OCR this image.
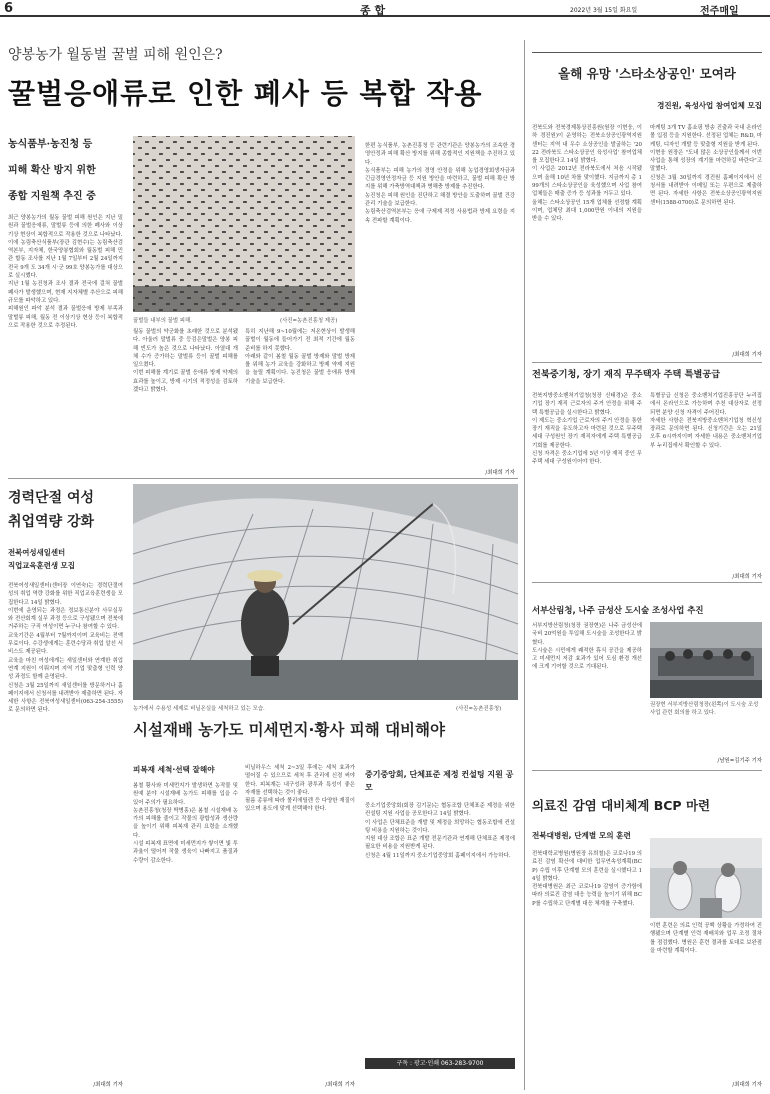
6	종 합	2022년 3월 15일 화요일	전주매일
양봉농가 월동벌 꿀벌 피해 원인은?
꿀벌응애류로 인한 폐사 등 복합 작용
농식품부·농진청 등
피해 확산 방지 위한
종합 지원책 추진 중
최근 양봉농가의 월동 꿀벌 피해 원인은 지난 밀원과 꿀벌응애류, 말벌류 등에 의한 폐사와 이상 기상 현상이 복합적으로 작용한 것으로 나타났다.
이에 농림축산식품부(장관 김현수)는 농림축산검역본부, 지자체, 한국양봉협회와 월동벌 피해 민관 합동 조사를 지난 1월 7일부터 2월 24일까지 전국 9개 도 34개 시·군 99호 양봉농가를 대상으로 실시했다.
지난 1월 농진청과 조사 결과 전국에 걸쳐 꿀벌 폐사가 발생했으며, 현재 지자체별 추산으로 피해 규모를 파악하고 있다.
피해원인 파악 분석 결과 꿀벌응애 방제 부족과 말벌류 피해, 월동 전 이상기상 현상 등이 복합적으로 작용한 것으로 추정된다.
꿀벌들 내부의 꿀벌 피해.	(사진=농촌진흥청 제공)
월동 꿀벌의 약군화를 초래한 것으로 분석됐다. 아울러 말벌류 중 등검은말벌은 양봉 피해 빈도가 높은 것으로 나타났다. 아열대 개체 수가 증가하는 말벌류 등이 꿀벌 피해를 일으켰다.
이번 피해를 계기로 꿀벌 응애류 방제 약제의 효과를 높이고, 방제 시기의 적정성을 검토하겠다고 밝혔다.
특히 지난해 9~10월에는 저온현상이 발생해 꿀벌이 월동에 들어가기 전 최적 기간에 월동 준비를 하지 못했다.
아래와 같이 봄철 월동 꿀벌 방제와 말벌 방제를 위해 농가 교육을 강화하고 방제 약제 지원을 늘릴 계획이다. 농진청은 꿀벌 응애류 방제 기술을 보급한다.
한편 농식품부, 농촌진흥청 등 관련기관은 양봉농가의 조속한 경영안정과 피해 확산 방지를 위해 종합적인 지원책을 추진하고 있다.
농식품부는 피해 농가의 경영 안정을 위해 농업경영회생자금과 긴급경영안정자금 등 지원 방안을 마련하고, 꿀벌 피해 확산 방지를 위해 가축방역대책과 병해충 방제를 추진한다.
농진청은 피해 원인을 진단하고 해결 방안을 도출하며 꿀벌 건강 관리 기술을 보급한다.
농림축산검역본부는 응애 구제제 적정 사용법과 방제 요령을 지속 전파할 계획이다.
/최대희 기자
올해 유망 '스타소상공인' 모여라
경진원, 육성사업 참여업체 모집
전북도와 전북경제통상진흥원(원장 이현웅, 이하 경진원)이 운영하는 전북소상공인광역지원센터는 지역 내 우수 소상공인을 발굴하는 '2022 전라북도 스타소상공인 육성사업' 참여업체를 모집한다고 14일 밝혔다.
이 사업은 2012년 전라북도에서 처음 시작됐으며 올해 10년 차를 맞이했다. 지금까지 총 199개의 스타소상공인을 육성했으며 사업 참여 업체들은 매출 증가 등 성과를 거두고 있다.
올해는 스타소상공인 15개 업체를 선정할 계획이며, 업체당 최대 1,000만원 이내의 지원을 받을 수 있다.
마케팅 3개 TV 홈쇼핑 방송 진출과 국내 온라인몰 입점 등을 지원한다. 선정된 업체는 R&D, 마케팅, 디자인 개발 등 맞춤형 지원을 받게 된다.
이현웅 원장은 "도내 많은 소상공인들께서 이번 사업을 통해 성장의 계기를 마련하길 바란다"고 말했다.
신청은 3월 30일까지 경진원 홈페이지에서 신청서를 내려받아 이메일 또는 우편으로 제출하면 된다. 자세한 사항은 전북소상공인광역지원센터(1588-0700)로 문의하면 된다.
/최대희 기자
전북중기청, 장기 재직 무주택자 주택 특별공급
전북지방중소벤처기업청(청장 신태경)은 중소기업 장기 재직 근로자의 주거 안정을 위해 주택 특별공급을 실시한다고 밝혔다.
이 제도는 중소기업 근로자의 주거 안정을 통한 장기 재직을 유도하고자 마련된 것으로 무주택 세대 구성원인 장기 재직자에게 주택 특별공급 기회를 제공한다.
신청 자격은 중소기업에 5년 이상 재직 중인 무주택 세대 구성원이어야 한다.
특별공급 신청은 중소벤처기업진흥공단 누리집에서 온라인으로 가능하며 추천 대상자로 선정되면 분양 신청 자격이 주어진다.
자세한 사항은 전북지방중소벤처기업청 혁신성장과로 문의하면 된다. 신청기간은 오는 21일 오후 6시까지이며 자세한 내용은 중소벤처기업부 누리집에서 확인할 수 있다.
/최대희 기자
경력단절 여성
취업역량 강화
전북여성새일센터
직업교육훈련생 모집
전북여성새일센터(센터장 이연숙)는 경력단절여성의 취업 역량 강화를 위한 직업교육훈련생을 모집한다고 14일 밝혔다.
이번에 운영되는 과정은 정보통신분야 사무실무와 전산회계 실무 과정 등으로 구성됐으며 전북에 거주하는 구직 여성이면 누구나 참여할 수 있다.
교육기간은 4월부터 7월까지이며 교육비는 전액 무료이다. 수강생에게는 훈련수당과 취업 알선 서비스도 제공된다.
교육을 마친 여성에게는 새일센터와 연계한 취업 연계 지원이 이뤄지며 지역 기업 맞춤형 인력 양성 과정도 함께 운영된다.
신청은 3월 25일까지 새일센터를 방문하거나 홈페이지에서 신청서를 내려받아 제출하면 된다. 자세한 사항은 전북여성새일센터(063-254-3555)로 문의하면 된다.
/최대희 기자
농가에서 수용성 세제로 비닐온실을 세척하고 있는 모습.	(사진=농촌진흥청)
시설재배 농가도 미세먼지·황사 피해 대비해야
피복재 세척·선택 잘해야
봄철 황사와 미세먼지가 발생하면 농작물 및 원예 분야 시설재배 농가도 피해를 입을 수 있어 주의가 필요하다.
농촌진흥청(청장 박병홍)은 봄철 시설재배 농가의 피해를 줄이고 작물의 광합성과 생산량을 높이기 위해 피복재 관리 요령을 소개했다.
시설 피복재 표면에 미세먼지가 쌓이면 빛 투과율이 떨어져 작물 생육이 나빠지고 품질과 수량이 감소한다.
비닐하우스 세척 2~3일 후에는 세척 효과가 떨어질 수 있으므로 세척 후 관리에 신경 써야 한다. 피복재는 내구성과 광투과 특성이 좋은 자재를 선택하는 것이 좋다.
필름 종류에 따라 폴리에틸렌 등 다양한 재질이 있으며 용도에 맞게 선택해야 한다.
/최대희 기자
중기중앙회, 단체표준 제정 컨설팅 지원 공모
중소기업중앙회(회장 김기문)는 협동조합 단체표준 제정을 위한 컨설팅 지원 사업을 공모한다고 14일 밝혔다.
이 사업은 단체표준을 개발 및 제정을 희망하는 협동조합에 컨설팅 비용을 지원하는 것이다.
지원 대상 조합은 표준 개발 전문기관과 연계해 단체표준 제정에 필요한 비용을 지원받게 된다.
신청은 4월 11일까지 중소기업중앙회 홈페이지에서 가능하다.
구독 : 광고·인쇄 063-283-9700
서부산림청, 나주 금성산 도시숲 조성사업 추진
서부지방산림청(청장 권장현)은 나주 금성산에 국비 20억원을 투입해 도시숲을 조성한다고 밝혔다.
도시숲은 시민에게 쾌적한 휴식 공간을 제공하고 미세먼지 저감 효과가 있어 도심 환경 개선에 크게 기여할 것으로 기대된다.
권장현 서부지방산림청장(왼쪽)이 도시숲 조성사업 관련 회의를 하고 있다.
/남원=김기주 기자
의료진 감염 대비체계 BCP 마련
전북대병원, 단계별 모의 훈련
전북대학교병원(병원장 유희철)은 코로나19 의료진 감염 확산에 대비한 업무연속성계획(BCP) 수립 이후 단계별 모의 훈련을 실시했다고 14일 밝혔다.
전북대병원은 최근 코로나19 감염이 증가함에 따라 의료진 감염 대응 능력을 높이기 위해 BCP를 수립하고 단계별 대응 체계를 구축했다.
이번 훈련은 의료 인력 공백 상황을 가정하여 진행됐으며 단계별 인력 재배치와 업무 조정 절차를 점검했다. 병원은 훈련 결과를 토대로 보완점을 마련할 계획이다.
/최대희 기자
